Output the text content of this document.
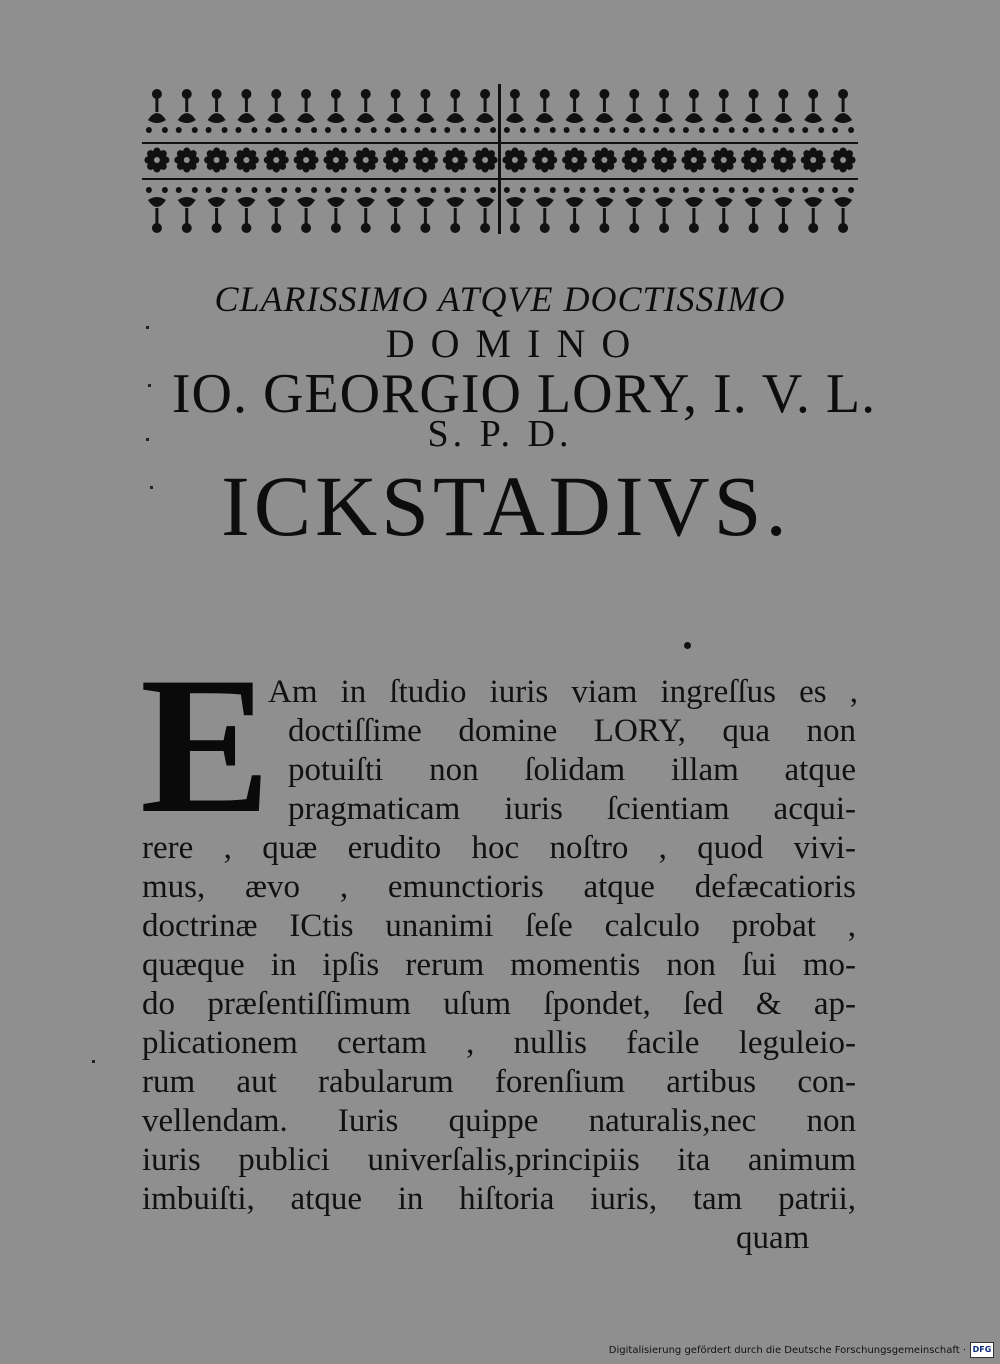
CLARISSIMO ATQVE DOCTISSIMO
DOMINO
IO. GEORGIO LORY, I. V. L.
S. P. D.
ICKSTADIVS.
E
Am in ſtudio iuris viam ingreſſus es ,
doctiſſime domine LORY, qua non
potuiſti non ſolidam illam atque
pragmaticam iuris ſcientiam acqui-
rere , quæ erudito hoc noſtro , quod vivi-
mus, ævo , emunctioris atque defæcatioris
doctrinæ ICtis unanimi ſeſe calculo probat ,
quæque in ipſis rerum momentis non ſui mo-
do præſentiſſimum uſum ſpondet, ſed & ap-
plicationem certam , nullis facile leguleio-
rum aut rabularum forenſium artibus con-
vellendam. Iuris quippe naturalis,nec non
iuris publici univerſalis,principiis ita animum
imbuiſti, atque in hiſtoria iuris, tam patrii,
quam
Digitalisierung gefördert durch die Deutsche Forschungsgemeinschaft · DFG
